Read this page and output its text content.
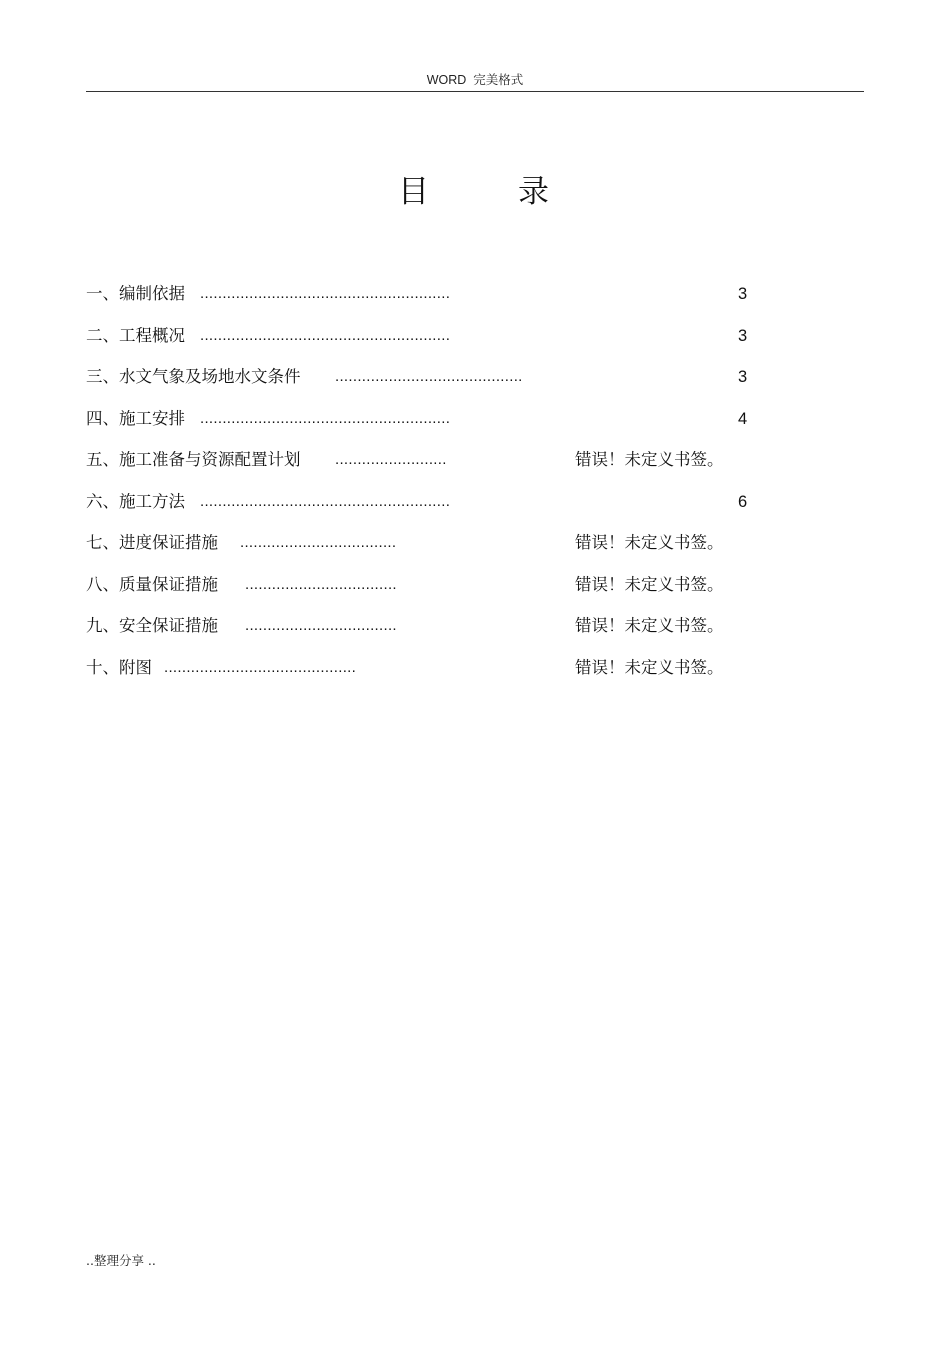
WORD  完美格式
目	录
一、编制依据 ........................................................	3
二、工程概况 ........................................................	3
三、水文气象及场地水文条件 ..........................................	3
四、施工安排 ........................................................	4
五、施工准备与资源配置计划 .........................	错误！未定义书签。
六、施工方法 ........................................................	6
七、进度保证措施 ...................................	错误！未定义书签。
八、质量保证措施 ..................................	错误！未定义书签。
九、安全保证措施 ..................................	错误！未定义书签。
十、附图 ...........................................	错误！未定义书签。
..整理分享 ..
